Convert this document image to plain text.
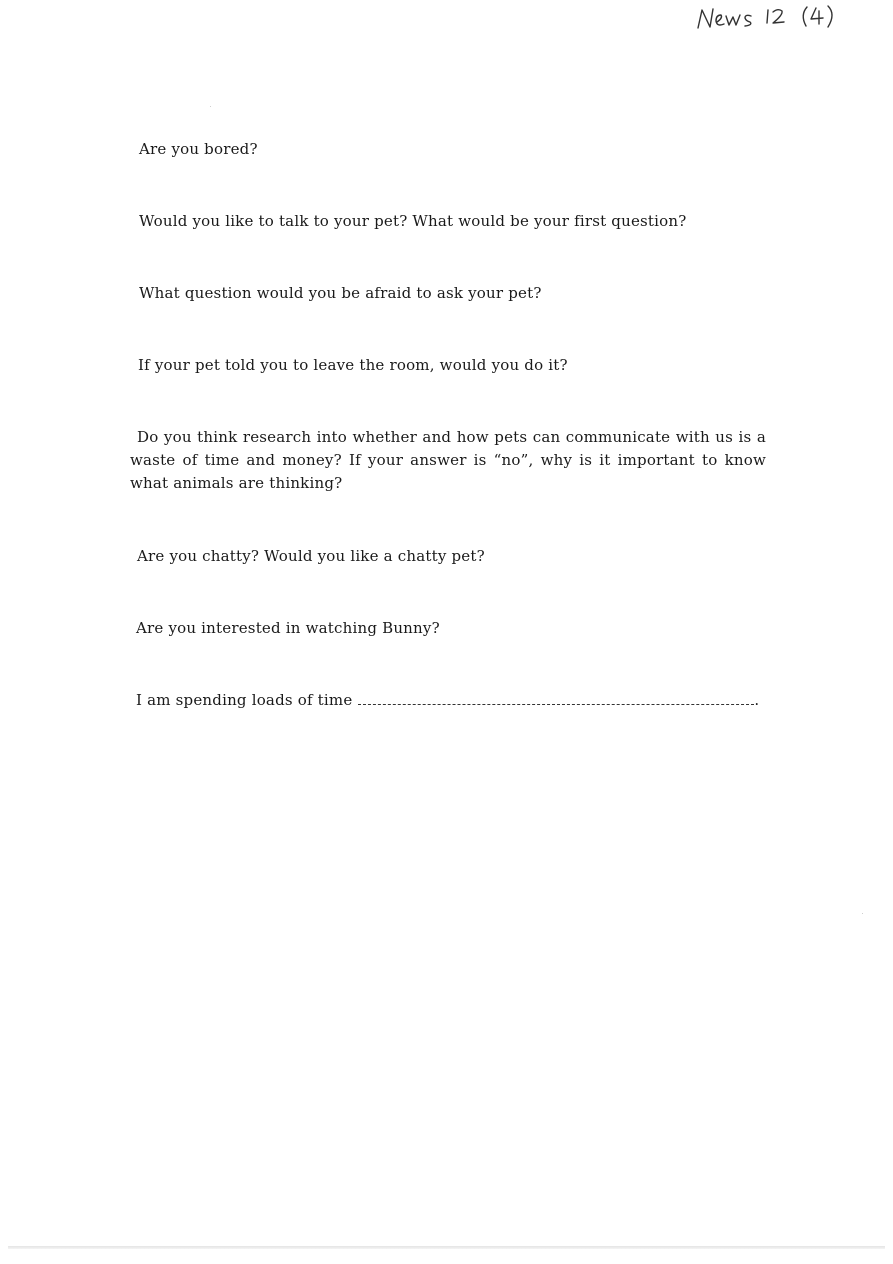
Are you bored?

Would you like to talk to your pet? What would be your first question?

What question would you be afraid to ask your pet?

If your pet told you to leave the room, would you do it?

Do you think research into whether and how pets can communicate with us is a waste of time and money? If your answer is “no”, why is it important to know what animals are thinking?

Are you chatty? Would you like a chatty pet?

Are you interested in watching Bunny?

I am spending loads of time	.
